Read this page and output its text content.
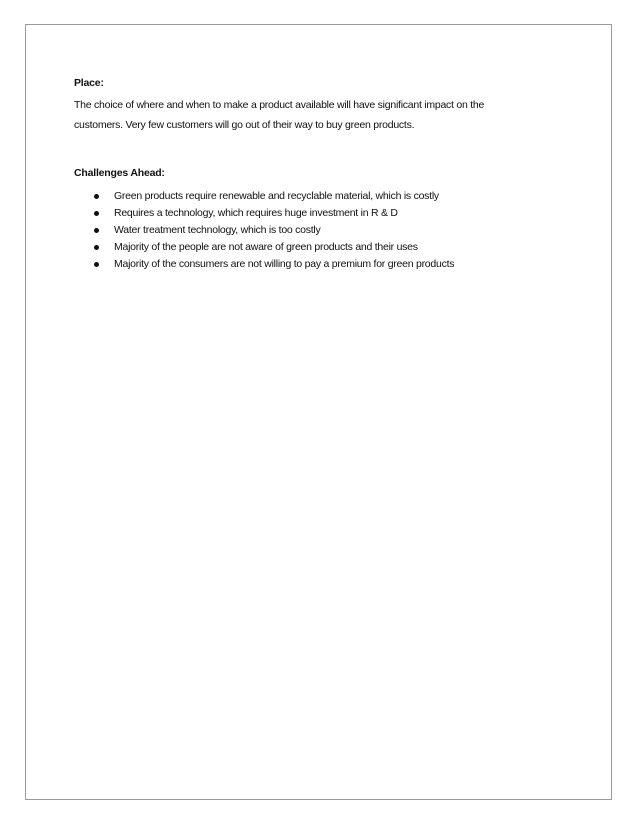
Place:

The choice of where and when to make a product available will have significant impact on the
customers. Very few customers will go out of their way to buy green products.

Challenges Ahead:

Green products require renewable and recyclable material, which is costly
Requires a technology, which requires huge investment in R & D
Water treatment technology, which is too costly
Majority of the people are not aware of green products and their uses
Majority of the consumers are not willing to pay a premium for green products
